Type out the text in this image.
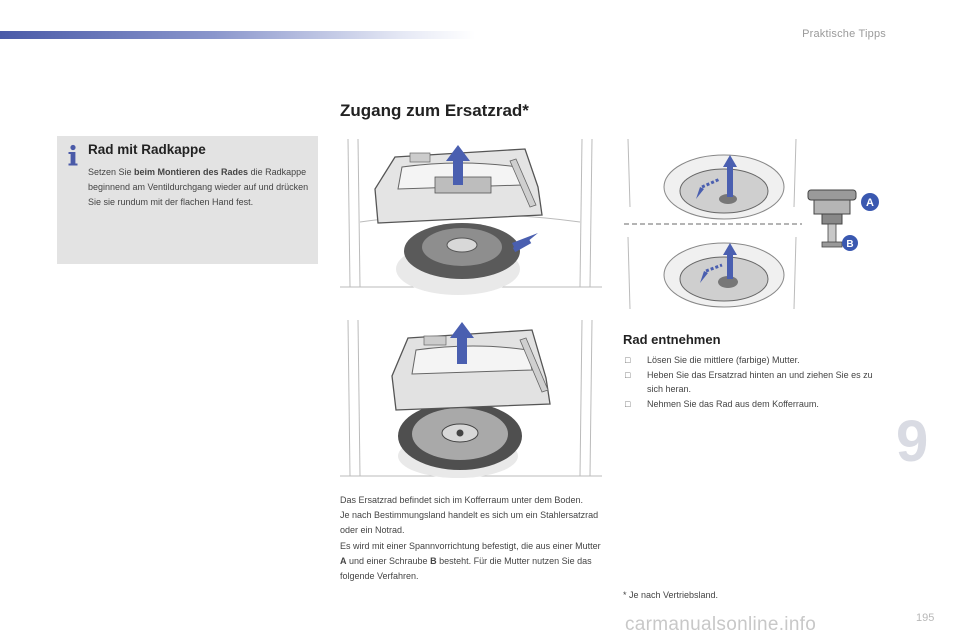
Praktische Tipps
Zugang zum Ersatzrad*
Rad mit Radkappe
Setzen Sie beim Montieren des Rades die Radkappe beginnend am Ventildurchgang wieder auf und drücken Sie sie rundum mit der flachen Hand fest.	A
B
Das Ersatzrad befindet sich im Kofferraum unter dem Boden.
Je nach Bestimmungsland handelt es sich um ein Stahlersatzrad oder ein Notrad.
Es wird mit einer Spannvorrichtung befestigt, die aus einer Mutter A und einer Schraube B besteht. Für die Mutter nutzen Sie das folgende Verfahren.
Rad entnehmen
□ Lösen Sie die mittlere (farbige) Mutter.
□ Heben Sie das Ersatzrad hinten an und ziehen Sie es zu sich heran.
□ Nehmen Sie das Rad aus dem Kofferraum.
* Je nach Vertriebsland.
9
carmanualsonline.info	195
